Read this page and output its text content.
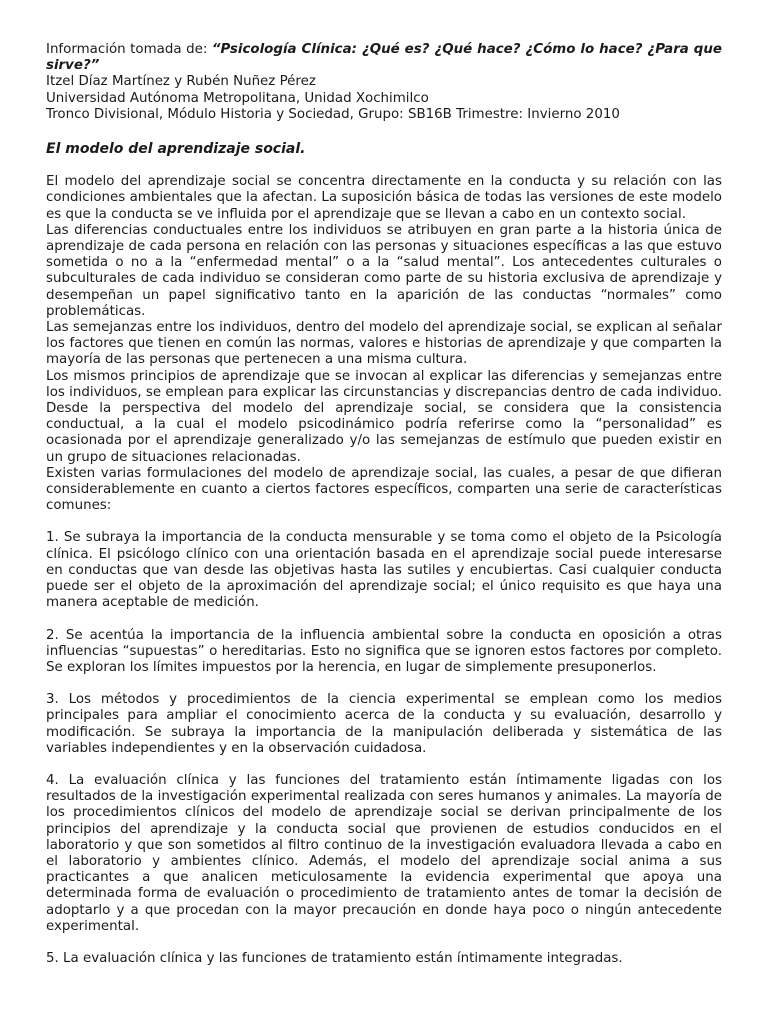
Información tomada de: “Psicología Clínica: ¿Qué es? ¿Qué hace? ¿Cómo lo hace? ¿Para que sirve?”

Itzel Díaz Martínez y Rubén Nuñez Pérez

Universidad Autónoma Metropolitana, Unidad Xochimilco

Tronco Divisional, Módulo Historia y Sociedad, Grupo: SB16B Trimestre: Invierno 2010

El modelo del aprendizaje social.

El modelo del aprendizaje social se concentra directamente en la conducta y su relación con las condiciones ambientales que la afectan. La suposición básica de todas las versiones de este modelo es que la conducta se ve influida por el aprendizaje que se llevan a cabo en un contexto social.

Las diferencias conductuales entre los individuos se atribuyen en gran parte a la historia única de aprendizaje de cada persona en relación con las personas y situaciones específicas a las que estuvo sometida o no a la “enfermedad mental” o a la “salud mental”. Los antecedentes culturales o subculturales de cada individuo se consideran como parte de su historia exclusiva de aprendizaje y desempeñan un papel significativo tanto en la aparición de las conductas “normales” como problemáticas.

Las semejanzas entre los individuos, dentro del modelo del aprendizaje social, se explican al señalar los factores que tienen en común las normas, valores e historias de aprendizaje y que comparten la mayoría de las personas que pertenecen a una misma cultura.

Los mismos principios de aprendizaje que se invocan al explicar las diferencias y semejanzas entre los individuos, se emplean para explicar las circunstancias y discrepancias dentro de cada individuo. Desde la perspectiva del modelo del aprendizaje social, se considera que la consistencia conductual, a la cual el modelo psicodinámico podría referirse como la “personalidad” es ocasionada por el aprendizaje generalizado y/o las semejanzas de estímulo que pueden existir en un grupo de situaciones relacionadas.

Existen varias formulaciones del modelo de aprendizaje social, las cuales, a pesar de que difieran considerablemente en cuanto a ciertos factores específicos, comparten una serie de características comunes:

1. Se subraya la importancia de la conducta mensurable y se toma como el objeto de la Psicología clínica. El psicólogo clínico con una orientación basada en el aprendizaje social puede interesarse en conductas que van desde las objetivas hasta las sutiles y encubiertas. Casi cualquier conducta puede ser el objeto de la aproximación del aprendizaje social; el único requisito es que haya una manera aceptable de medición.

2. Se acentúa la importancia de la influencia ambiental sobre la conducta en oposición a otras influencias “supuestas” o hereditarias. Esto no significa que se ignoren estos factores por completo. Se exploran los límites impuestos por la herencia, en lugar de simplemente presuponerlos.

3. Los métodos y procedimientos de la ciencia experimental se emplean como los medios principales para ampliar el conocimiento acerca de la conducta y su evaluación, desarrollo y modificación. Se subraya la importancia de la manipulación deliberada y sistemática de las variables independientes y en la observación cuidadosa.

4. La evaluación clínica y las funciones del tratamiento están íntimamente ligadas con los resultados de la investigación experimental realizada con seres humanos y animales. La mayoría de los procedimientos clínicos del modelo de aprendizaje social se derivan principalmente de los principios del aprendizaje y la conducta social que provienen de estudios conducidos en el laboratorio y que son sometidos al filtro continuo de la investigación evaluadora llevada a cabo en el laboratorio y ambientes clínico. Además, el modelo del aprendizaje social anima a sus practicantes a que analicen meticulosamente la evidencia experimental que apoya una determinada forma de evaluación o procedimiento de tratamiento antes de tomar la decisión de adoptarlo y a que procedan con la mayor precaución en donde haya poco o ningún antecedente experimental.

5. La evaluación clínica y las funciones de tratamiento están íntimamente integradas.
